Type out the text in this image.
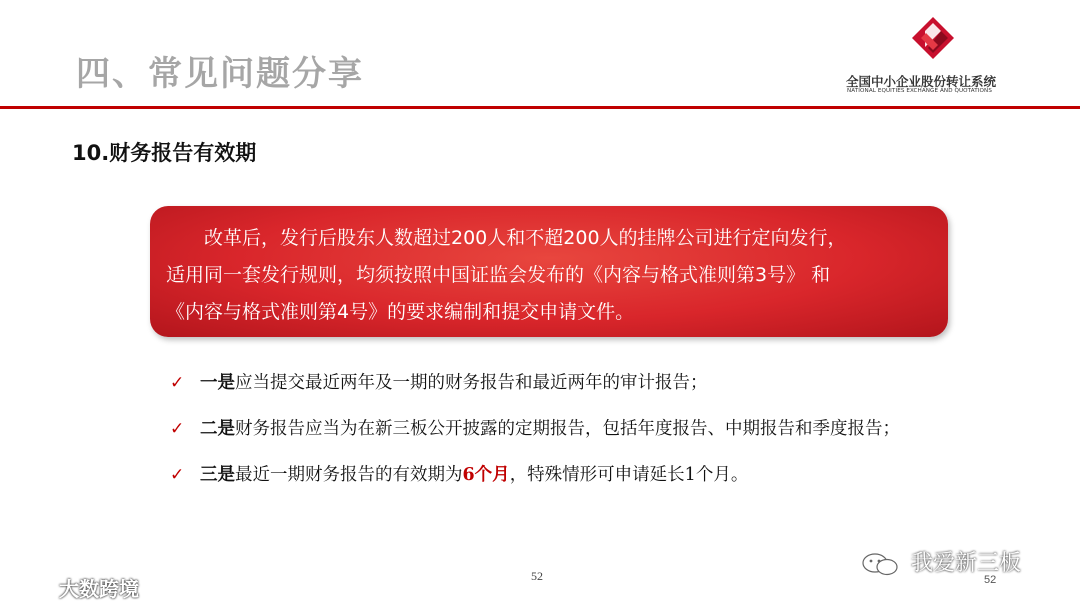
四、常见问题分享	全国中小企业股份转让系统
NATIONAL EQUITIES EXCHANGE AND QUOTATIONS
10.财务报告有效期

改革后，发行后股东人数超过200人和不超200人的挂牌公司进行定向发行，

适用同一套发行规则，均须按照中国证监会发布的《内容与格式准则第3号》 和

《内容与格式准则第4号》的要求编制和提交申请文件。

✓ 一是应当提交最近两年及一期的财务报告和最近两年的审计报告；
✓ 二是财务报告应当为在新三板公开披露的定期报告，包括年度报告、中期报告和季度报告；
✓ 三是最近一期财务报告的有效期为6个月，特殊情形可申请延长1个月。
52	52
大数跨境
我爱新三板
